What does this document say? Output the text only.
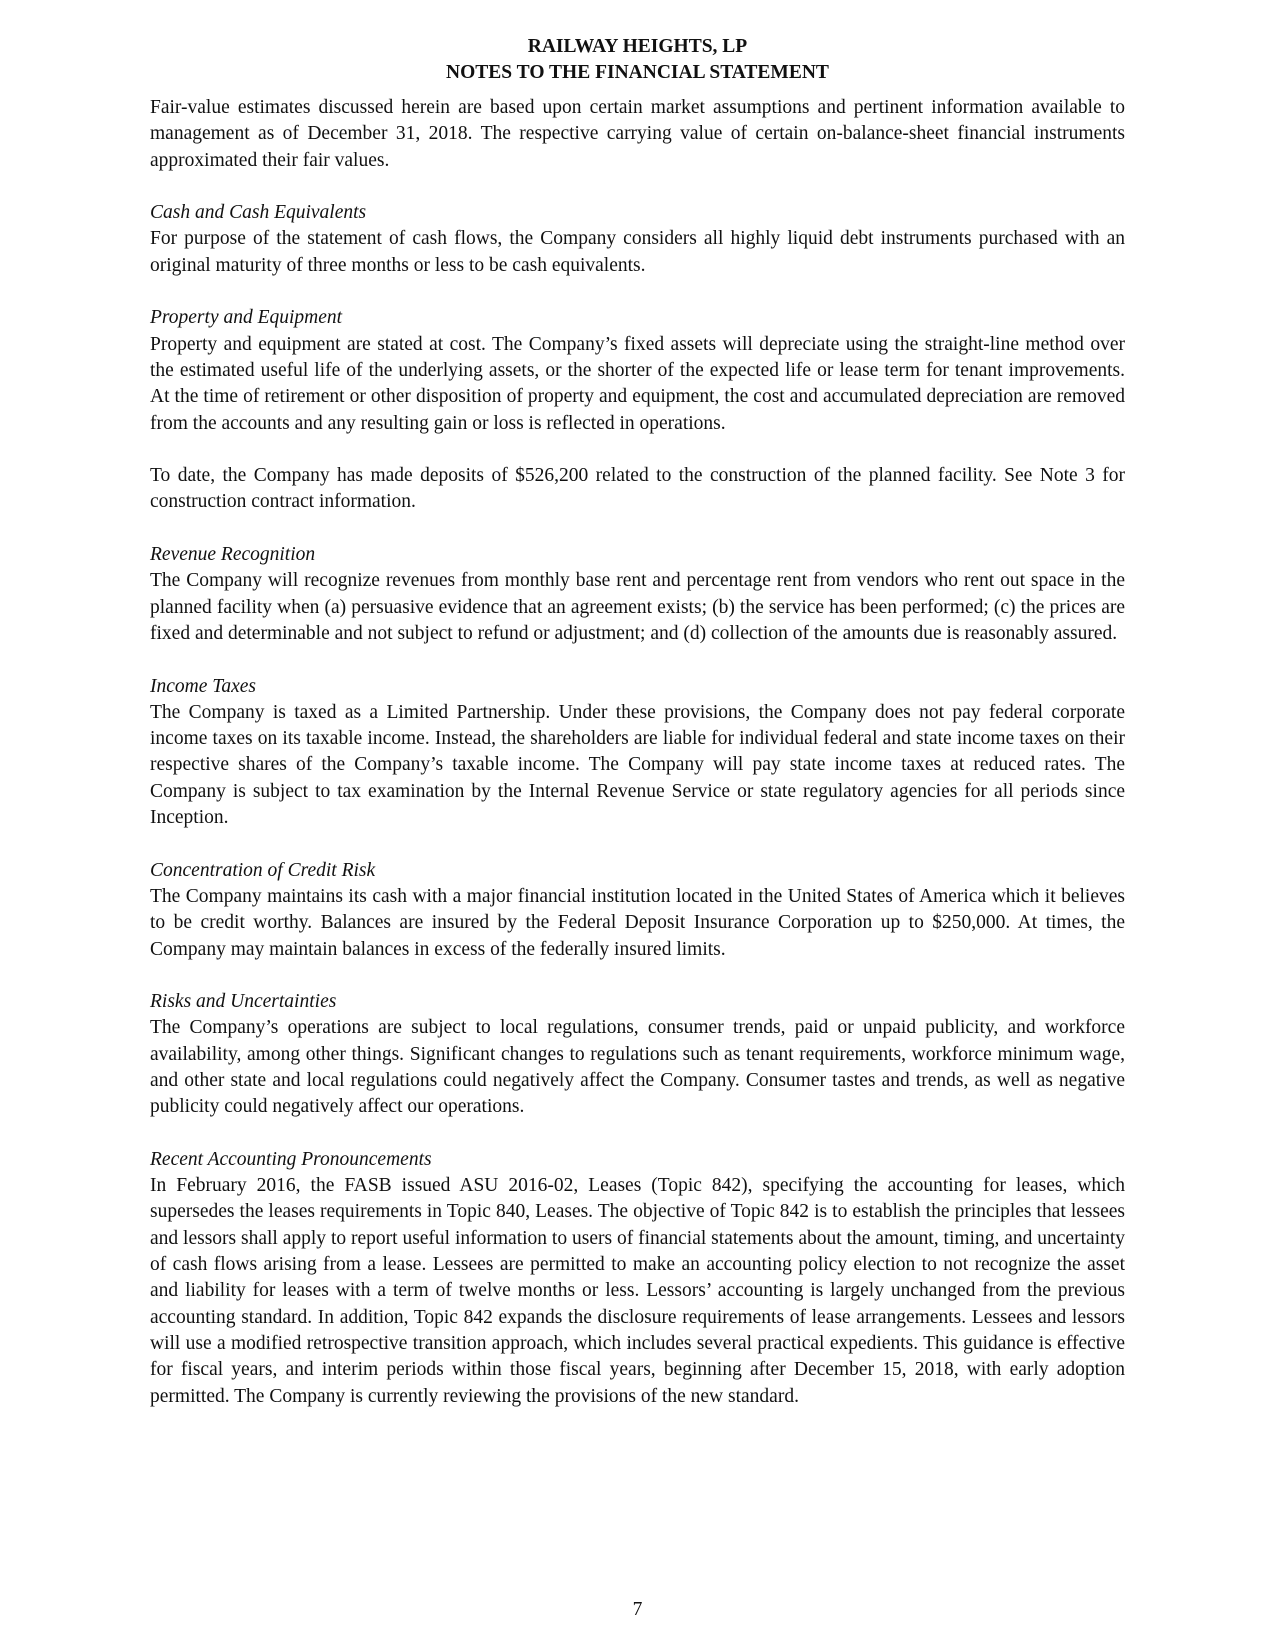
RAILWAY HEIGHTS, LP
NOTES TO THE FINANCIAL STATEMENT

Fair-value estimates discussed herein are based upon certain market assumptions and pertinent information available to management as of December 31, 2018. The respective carrying value of certain on-balance-sheet financial instruments approximated their fair values.

Cash and Cash Equivalents

For purpose of the statement of cash flows, the Company considers all highly liquid debt instruments purchased with an original maturity of three months or less to be cash equivalents.

Property and Equipment

Property and equipment are stated at cost. The Company’s fixed assets will depreciate using the straight-line method over the estimated useful life of the underlying assets, or the shorter of the expected life or lease term for tenant improvements. At the time of retirement or other disposition of property and equipment, the cost and accumulated depreciation are removed from the accounts and any resulting gain or loss is reflected in operations.

To date, the Company has made deposits of $526,200 related to the construction of the planned facility. See Note 3 for construction contract information.

Revenue Recognition

The Company will recognize revenues from monthly base rent and percentage rent from vendors who rent out space in the planned facility when (a) persuasive evidence that an agreement exists; (b) the service has been performed; (c) the prices are fixed and determinable and not subject to refund or adjustment; and (d) collection of the amounts due is reasonably assured.

Income Taxes

The Company is taxed as a Limited Partnership. Under these provisions, the Company does not pay federal corporate income taxes on its taxable income. Instead, the shareholders are liable for individual federal and state income taxes on their respective shares of the Company’s taxable income. The Company will pay state income taxes at reduced rates. The Company is subject to tax examination by the Internal Revenue Service or state regulatory agencies for all periods since Inception.

Concentration of Credit Risk

The Company maintains its cash with a major financial institution located in the United States of America which it believes to be credit worthy. Balances are insured by the Federal Deposit Insurance Corporation up to $250,000. At times, the Company may maintain balances in excess of the federally insured limits.

Risks and Uncertainties

The Company’s operations are subject to local regulations, consumer trends, paid or unpaid publicity, and workforce availability, among other things. Significant changes to regulations such as tenant requirements, workforce minimum wage, and other state and local regulations could negatively affect the Company. Consumer tastes and trends, as well as negative publicity could negatively affect our operations.

Recent Accounting Pronouncements

In February 2016, the FASB issued ASU 2016-02, Leases (Topic 842), specifying the accounting for leases, which supersedes the leases requirements in Topic 840, Leases. The objective of Topic 842 is to establish the principles that lessees and lessors shall apply to report useful information to users of financial statements about the amount, timing, and uncertainty of cash flows arising from a lease. Lessees are permitted to make an accounting policy election to not recognize the asset and liability for leases with a term of twelve months or less. Lessors’ accounting is largely unchanged from the previous accounting standard. In addition, Topic 842 expands the disclosure requirements of lease arrangements. Lessees and lessors will use a modified retrospective transition approach, which includes several practical expedients. This guidance is effective for fiscal years, and interim periods within those fiscal years, beginning after December 15, 2018, with early adoption permitted. The Company is currently reviewing the provisions of the new standard.

7
